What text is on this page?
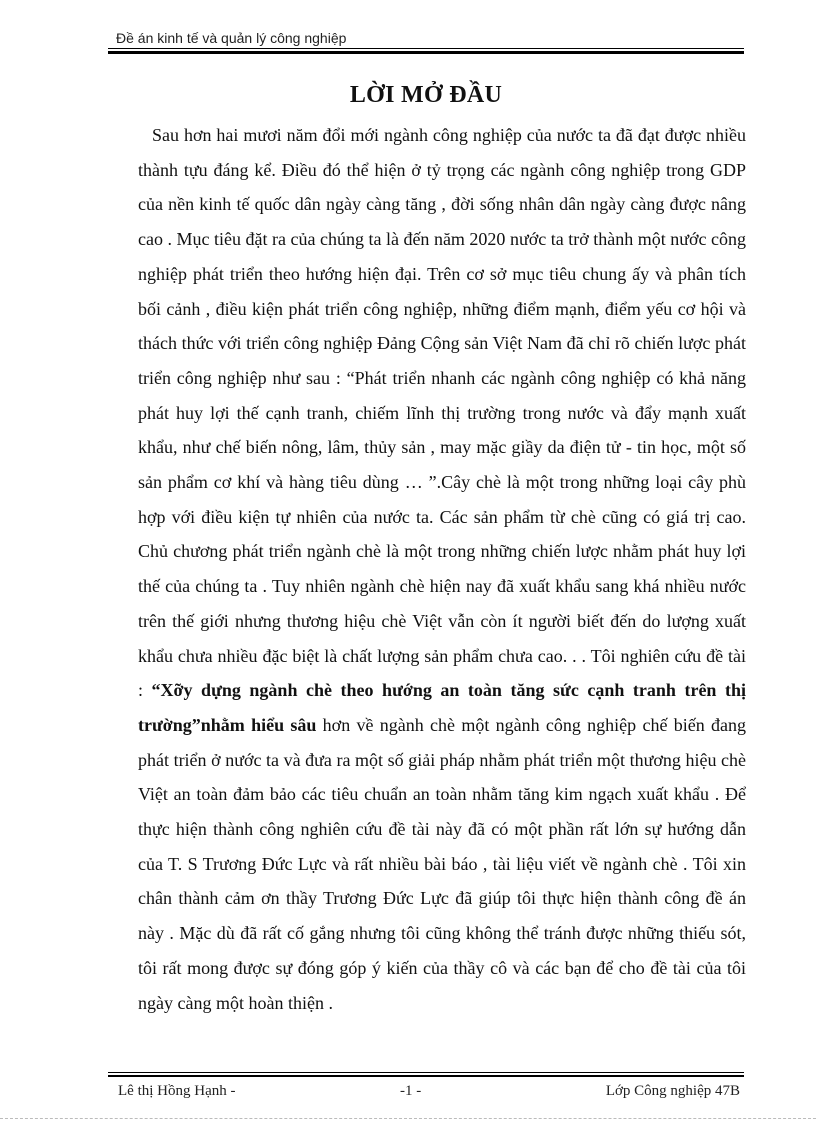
Đề án kinh tế và quản lý công nghiệp
LỜI MỞ ĐẦU

Sau hơn hai mươi năm đổi mới ngành công nghiệp của nước ta đã đạt được nhiều thành tựu đáng kể. Điều đó thể hiện ở tỷ trọng các ngành công nghiệp trong GDP của nền kinh tế quốc dân ngày càng tăng , đời sống nhân dân ngày càng được nâng cao . Mục tiêu đặt ra của chúng ta là đến năm 2020 nước ta trở thành một nước công nghiệp phát triển theo hướng hiện đại. Trên cơ sở mục tiêu chung ấy và phân tích bối cảnh , điều kiện phát triển công nghiệp, những điểm mạnh, điểm yếu cơ hội và thách thức với triển công nghiệp Đảng Cộng sản Việt Nam đã chỉ rõ chiến lược phát triển công nghiệp như sau : “Phát triển nhanh các ngành công nghiệp có khả năng phát huy lợi thế cạnh tranh, chiếm lĩnh thị trường trong nước và đẩy mạnh xuất khẩu, như chế biến nông, lâm, thủy sản , may mặc giầy da điện tử - tin học, một số sản phẩm cơ khí và hàng tiêu dùng … ”.Cây chè là một trong những loại cây phù hợp với điều kiện tự nhiên của nước ta. Các sản phẩm từ chè cũng có giá trị cao. Chủ chương phát triển ngành chè là một trong những chiến lược nhằm phát huy lợi thế của chúng ta . Tuy nhiên ngành chè hiện nay đã xuất khẩu sang khá nhiều nước trên thế giới nhưng thương hiệu chè Việt vẫn còn ít người biết đến do lượng xuất khẩu chưa nhiều đặc biệt là chất lượng sản phẩm chưa cao. . . Tôi nghiên cứu đề tài : “Xỡy dựng ngành chè theo hướng an toàn tăng sức cạnh tranh trên thị trường”nhằm hiểu sâu hơn về ngành chè một ngành công nghiệp chế biến đang phát triển ở nước ta và đưa ra một số giải pháp nhằm phát triển một thương hiệu chè Việt an toàn đảm bảo các tiêu chuẩn an toàn nhằm tăng kim ngạch xuất khẩu . Để thực hiện thành công nghiên cứu đề tài này đã có một phần rất lớn sự hướng dẫn của T. S Trương Đức Lực và rất nhiều bài báo , tài liệu viết về ngành chè . Tôi xin chân thành cảm ơn thầy Trương Đức Lực đã giúp tôi thực hiện thành công đề án này . Mặc dù đã rất cố gắng nhưng tôi cũng không thể tránh được những thiếu sót, tôi rất mong được sự đóng góp ý kiến của thầy cô và các bạn để cho đề tài của tôi ngày càng một hoàn thiện .

Lê thị Hồng Hạnh -	-1 -	Lớp Công nghiệp 47B
